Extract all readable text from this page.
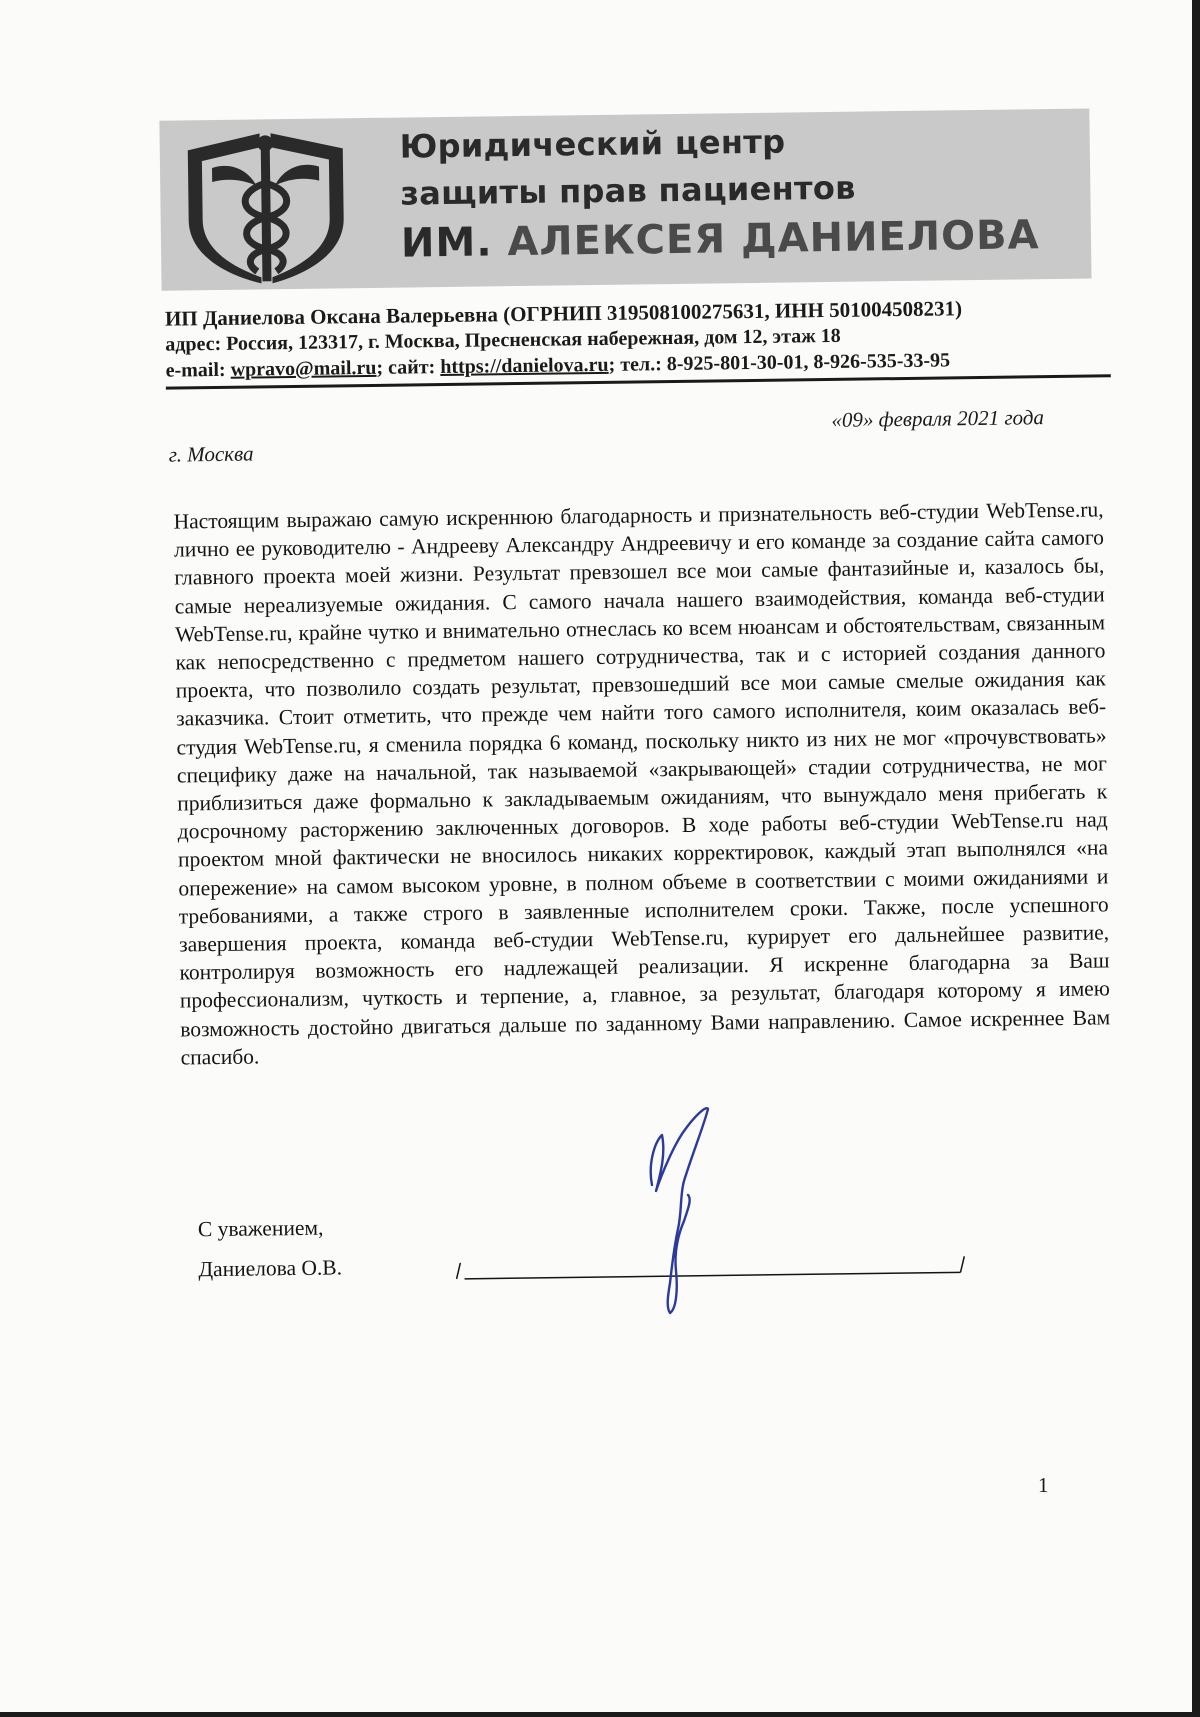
Юридический центр
защиты прав пациентов
ИМ. АЛЕКСЕЯ ДАНИЕЛОВА
ИП Даниелова Оксана Валерьевна (ОГРНИП 319508100275631, ИНН 501004508231)
адрес: Россия, 123317, г. Москва, Пресненская набережная, дом 12, этаж 18
e-mail: wpravo@mail.ru; сайт: https://danielova.ru; тел.: 8-925-801-30-01, 8-926-535-33-95
«09» февраля 2021 года
г. Москва

Настоящим выражаю самую искреннюю благодарность и признательность веб-студии WebTense.ru, лично ее руководителю - Андрееву Александру Андреевичу и его команде за создание сайта самого главного проекта моей жизни. Результат превзошел все мои самые фантазийные и, казалось бы, самые нереализуемые ожидания. С самого начала нашего взаимодействия, команда веб-студии WebTense.ru, крайне чутко и внимательно отнеслась ко всем нюансам и обстоятельствам, связанным как непосредственно с предметом нашего сотрудничества, так и с историей создания данного проекта, что позволило создать результат, превзошедший все мои самые смелые ожидания как заказчика. Стоит отметить, что прежде чем найти того самого исполнителя, коим оказалась веб-студия WebTense.ru, я сменила порядка 6 команд, поскольку никто из них не мог «прочувствовать» специфику даже на начальной, так называемой «закрывающей» стадии сотрудничества, не мог приблизиться даже формально к закладываемым ожиданиям, что вынуждало меня прибегать к досрочному расторжению заключенных договоров. В ходе работы веб-студии WebTense.ru над проектом мной фактически не вносилось никаких корректировок, каждый этап выполнялся «на опережение» на самом высоком уровне, в полном объеме в соответствии с моими ожиданиями и требованиями, а также строго в заявленные исполнителем сроки. Также, после успешного завершения проекта, команда веб-студии WebTense.ru, курирует его дальнейшее развитие, контролируя возможность его надлежащей реализации. Я искренне благодарна за Ваш профессионализм, чуткость и терпение, а, главное, за результат, благодаря которому я имею возможность достойно двигаться дальше по заданному Вами направлению. Самое искреннее Вам спасибо.

С уважением,
Даниелова О.В.
1
